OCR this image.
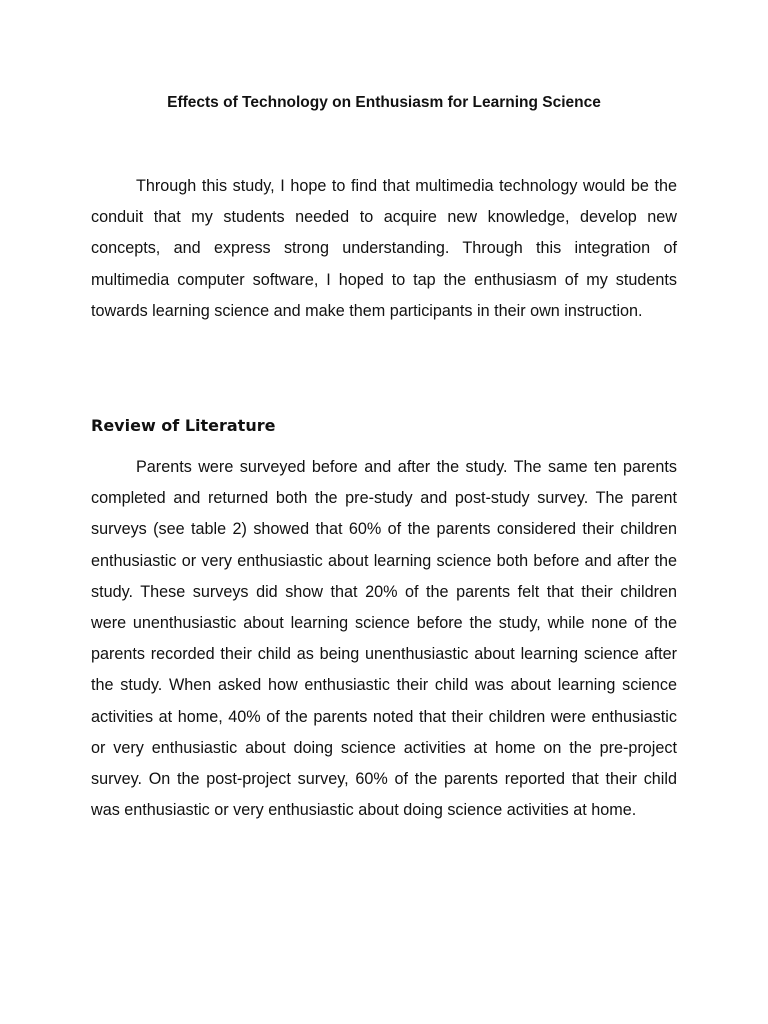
Effects of Technology on Enthusiasm for Learning Science

Through this study, I hope to find that multimedia technology would be the conduit that my students needed to acquire new knowledge, develop new concepts, and express strong understanding. Through this integration of multimedia computer software, I hoped to tap the enthusiasm of my students towards learning science and make them participants in their own instruction.

Review of Literature

Parents were surveyed before and after the study. The same ten parents completed and returned both the pre-study and post-study survey. The parent surveys (see table 2) showed that 60% of the parents considered their children enthusiastic or very enthusiastic about learning science both before and after the study. These surveys did show that 20% of the parents felt that their children were unenthusiastic about learning science before the study, while none of the parents recorded their child as being unenthusiastic about learning science after the study. When asked how enthusiastic their child was about learning science activities at home, 40% of the parents noted that their children were enthusiastic or very enthusiastic about doing science activities at home on the pre-project survey. On the post-project survey, 60% of the parents reported that their child was enthusiastic or very enthusiastic about doing science activities at home.
